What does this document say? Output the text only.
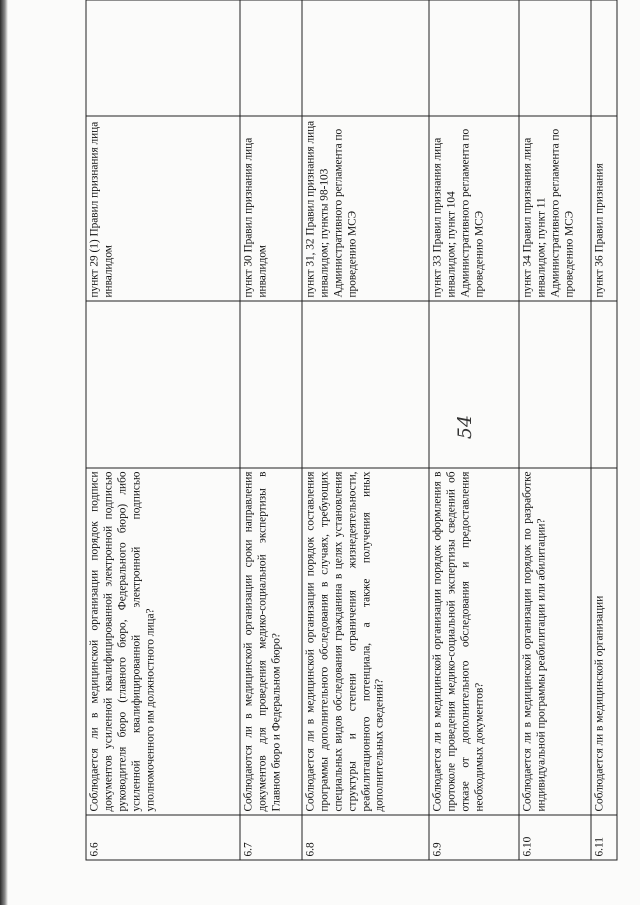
54
6.6	Соблюдается ли в медицинской организации порядок подписи документов усиленной квалифицированной электронной подписью руководителя бюро (главного бюро, Федерального бюро) либо усиленной квалифицированной электронной подписью уполномоченного им должностного лица?		пункт 29 (1) Правил признания лица инвалидом	
6.7	Соблюдаются ли в медицинской организации сроки направления документов для проведения медико-социальной экспертизы в Главном бюро и Федеральном бюро?		пункт 30 Правил признания лица инвалидом	
6.8	Соблюдается ли в медицинской организации порядок составления программы дополнительного обследования в случаях, требующих специальных видов обследования гражданина в целях установления структуры и степени ограничения жизнедеятельности, реабилитационного потенциала, а также получения иных дополнительных сведений?		пункт 31, 32 Правил признания лица инвалидом; пункты 98-103 Административного регламента по проведению МСЭ	
6.9	Соблюдается ли в медицинской организации порядок оформления в протоколе проведения медико-социальной экспертизы сведений об отказе от дополнительного обследования и предоставления необходимых документов?		пункт 33 Правил признания лица инвалидом; пункт 104 Административного регламента по проведению МСЭ	
6.10	Соблюдается ли в медицинской организации порядок по разработке индивидуальной программы реабилитации или абилитации?		пункт 34 Правил признания лица инвалидом; пункт 11 Административного регламента по проведению МСЭ	
6.11	Соблюдается ли в медицинской организации		пункт 36 Правил признания	
